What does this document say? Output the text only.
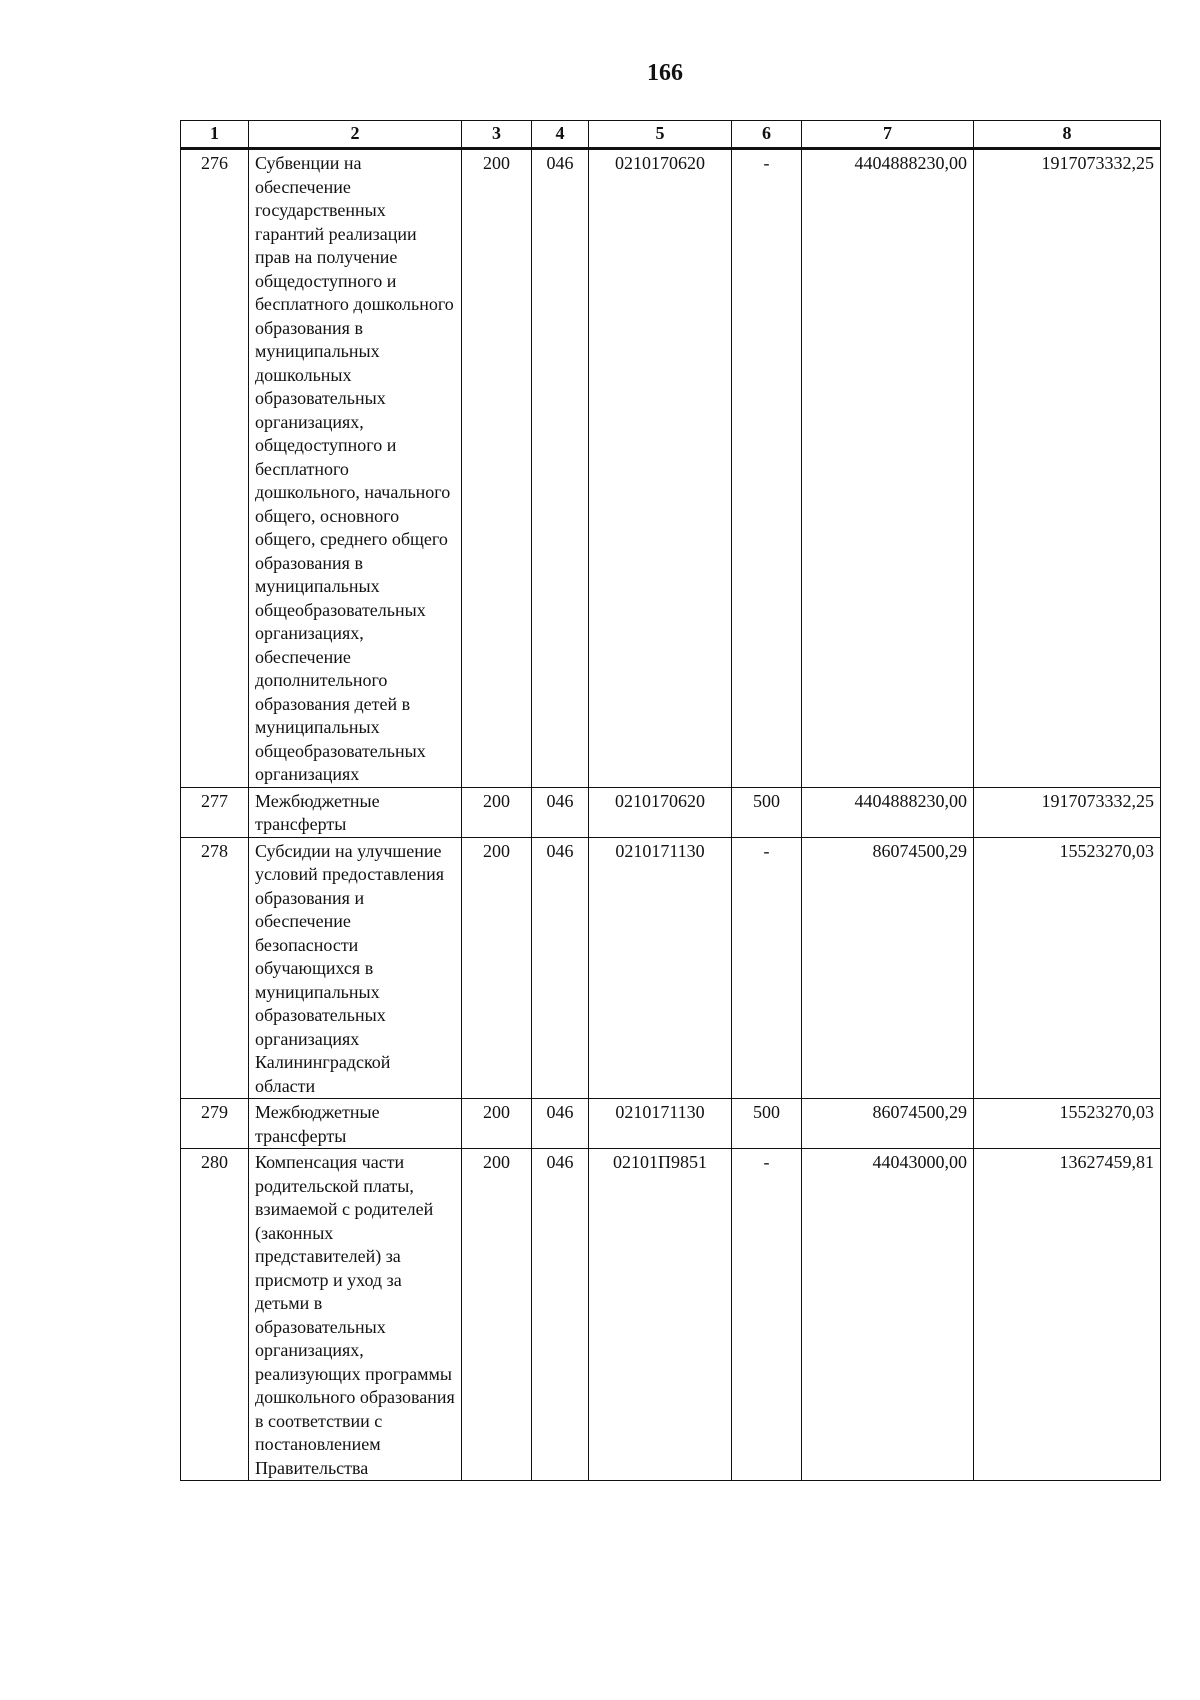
166
1	2	3	4	5	6	7	8
276	Субвенции на обеспечение государственных гарантий реализации прав на получение общедоступного и бесплатного дошкольного образования в муниципальных дошкольных образовательных организациях, общедоступного и бесплатного дошкольного, начального общего, основного общего, среднего общего образования в муниципальных общеобразовательных организациях, обеспечение дополнительного образования детей в муниципальных общеобразовательных организациях	200	046	0210170620	-	4404888230,00	1917073332,25
277	Межбюджетные трансферты	200	046	0210170620	500	4404888230,00	1917073332,25
278	Субсидии на улучшение условий предоставления образования и обеспечение безопасности обучающихся в муниципальных образовательных организациях Калининградской области	200	046	0210171130	-	86074500,29	15523270,03
279	Межбюджетные трансферты	200	046	0210171130	500	86074500,29	15523270,03
280	Компенсация части родительской платы, взимаемой с родителей (законных представителей) за присмотр и уход за детьми в образовательных организациях, реализующих программы дошкольного образования в соответствии с постановлением Правительства	200	046	02101П9851	-	44043000,00	13627459,81
